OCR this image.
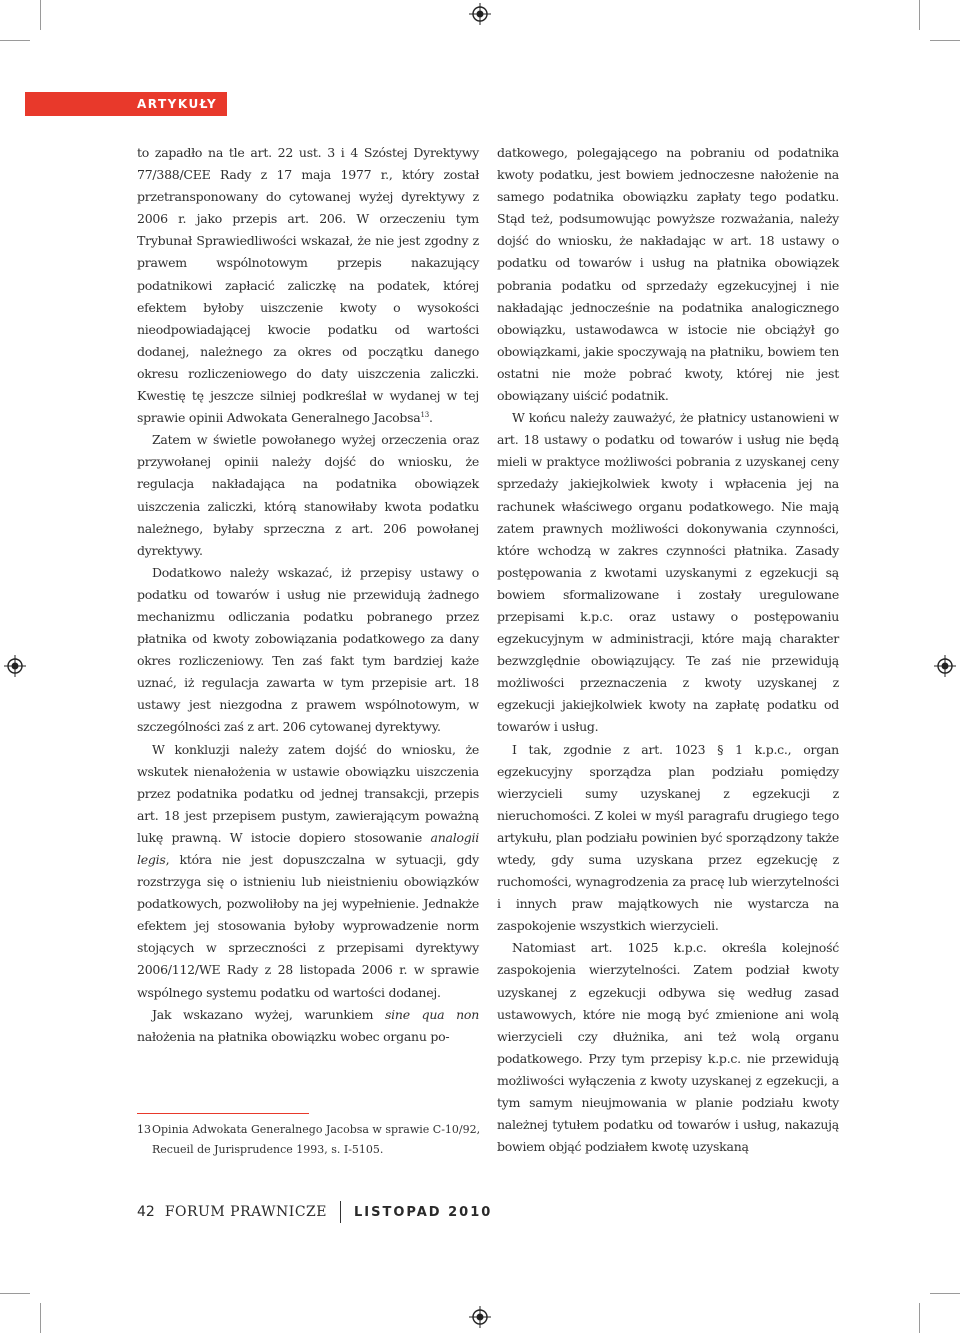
ARTYKUŁY

to zapadło na tle art. 22 ust. 3 i 4 Szóstej Dyrektywy 77/388/CEE Rady z 17 maja 1977 r., który został przetransponowany do cytowanej wyżej dyrektywy z 2006 r. jako przepis art. 206. W orzeczeniu tym Trybunał Sprawiedliwości wskazał, że nie jest zgodny z prawem wspólnotowym przepis nakazujący podatnikowi zapłacić zaliczkę na podatek, której efektem byłoby uiszczenie kwoty o wysokości nieodpowiadającej kwocie podatku od wartości dodanej, należnego za okres od początku danego okresu rozliczeniowego do daty uiszczenia zaliczki. Kwestię tę jeszcze silniej podkreślał w wydanej w tej sprawie opinii Adwokata Generalnego Jacobsa$^{13}$.

Zatem w świetle powołanego wyżej orzeczenia oraz przywołanej opinii należy dojść do wniosku, że regulacja nakładająca na podatnika obowiązek uiszczenia zaliczki, którą stanowiłaby kwota podatku należnego, byłaby sprzeczna z art. 206 powołanej dyrektywy.

Dodatkowo należy wskazać, iż przepisy ustawy o podatku od towarów i usług nie przewidują żadnego mechanizmu odliczania podatku pobranego przez płatnika od kwoty zobowiązania podatkowego za dany okres rozliczeniowy. Ten zaś fakt tym bardziej każe uznać, iż regulacja zawarta w tym przepisie art. 18 ustawy jest niezgodna z prawem wspólnotowym, w szczególności zaś z art. 206 cytowanej dyrektywy.

W konkluzji należy zatem dojść do wniosku, że wskutek nienałożenia w ustawie obowiązku uiszczenia przez podatnika podatku od jednej transakcji, przepis art. 18 jest przepisem pustym, zawierającym poważną lukę prawną. W istocie dopiero stosowanie analogii legis, która nie jest dopuszczalna w sytuacji, gdy rozstrzyga się o istnieniu lub nieistnieniu obowiązków podatkowych, pozwoliłoby na jej wypełnienie. Jednakże efektem jej stosowania byłoby wyprowadzenie norm stojących w sprzeczności z przepisami dyrektywy 2006/112/WE Rady z 28 listopada 2006 r. w sprawie wspólnego systemu podatku od wartości dodanej.

Jak wskazano wyżej, warunkiem sine qua non nałożenia na płatnika obowiązku wobec organu po-

13Opinia Adwokata Generalnego Jacobsa w sprawie C-10/92,
Recueil de Jurisprudence 1993, s. I-5105.

datkowego, polegającego na pobraniu od podatnika kwoty podatku, jest bowiem jednoczesne nałożenie na samego podatnika obowiązku zapłaty tego podatku. Stąd też, podsumowując powyższe rozważania, należy dojść do wniosku, że nakładając w art. 18 ustawy o podatku od towarów i usług na płatnika obowiązek pobrania podatku od sprzedaży egzekucyjnej i nie nakładając jednocześnie na podatnika analogicznego obowiązku, ustawodawca w istocie nie obciążył go obowiązkami, jakie spoczywają na płatniku, bowiem ten ostatni nie może pobrać kwoty, której nie jest obowiązany uiścić podatnik.

W końcu należy zauważyć, że płatnicy ustanowieni w art. 18 ustawy o podatku od towarów i usług nie będą mieli w praktyce możliwości pobrania z uzyskanej ceny sprzedaży jakiejkolwiek kwoty i wpłacenia jej na rachunek właściwego organu podatkowego. Nie mają zatem prawnych możliwości dokonywania czynności, które wchodzą w zakres czynności płatnika. Zasady postępowania z kwotami uzyskanymi z egzekucji są bowiem sformalizowane i zostały uregulowane przepisami k.p.c. oraz ustawy o postępowaniu egzekucyjnym w administracji, które mają charakter bezwzględnie obowiązujący. Te zaś nie przewidują możliwości przeznaczenia z kwoty uzyskanej z egzekucji jakiejkolwiek kwoty na zapłatę podatku od towarów i usług.

I tak, zgodnie z art. 1023 § 1 k.p.c., organ egzekucyjny sporządza plan podziału pomiędzy wierzycieli sumy uzyskanej z egzekucji z nieruchomości. Z kolei w myśl paragrafu drugiego tego artykułu, plan podziału powinien być sporządzony także wtedy, gdy suma uzyskana przez egzekucję z ruchomości, wynagrodzenia za pracę lub wierzytelności i innych praw majątkowych nie wystarcza na zaspokojenie wszystkich wierzycieli.

Natomiast art. 1025 k.p.c. określa kolejność zaspokojenia wierzytelności. Zatem podział kwoty uzyskanej z egzekucji odbywa się według zasad ustawowych, które nie mogą być zmienione ani wolą wierzycieli czy dłużnika, ani też wolą organu podatkowego. Przy tym przepisy k.p.c. nie przewidują możliwości wyłączenia z kwoty uzyskanej z egzekucji, a tym samym nieujmowania w planie podziału kwoty należnej tytułem podatku od towarów i usług, nakazują bowiem objąć podziałem kwotę uzyskaną

42 FORUM PRAWNICZE LISTOPAD 2010
